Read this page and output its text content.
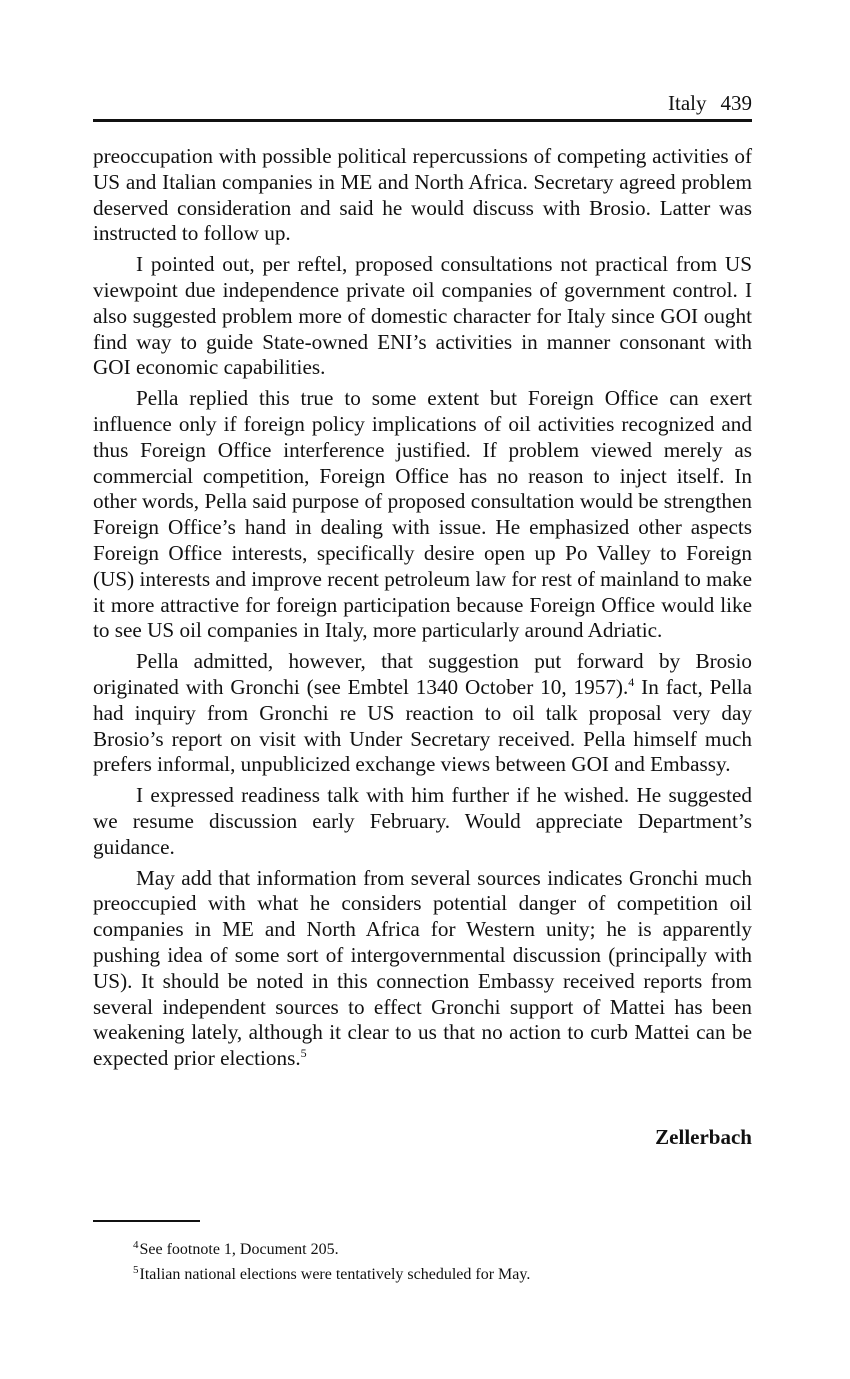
Italy 439

preoccupation with possible political repercussions of competing activities of US and Italian companies in ME and North Africa. Secretary agreed problem deserved consideration and said he would discuss with Brosio. Latter was instructed to follow up.

I pointed out, per reftel, proposed consultations not practical from US viewpoint due independence private oil companies of government control. I also suggested problem more of domestic character for Italy since GOI ought find way to guide State-owned ENI’s activities in manner consonant with GOI economic capabilities.

Pella replied this true to some extent but Foreign Office can exert influence only if foreign policy implications of oil activities recognized and thus Foreign Office interference justified. If problem viewed merely as commercial competition, Foreign Office has no reason to inject itself. In other words, Pella said purpose of proposed consultation would be strengthen Foreign Office’s hand in dealing with issue. He emphasized other aspects Foreign Office interests, specifically desire open up Po Valley to Foreign (US) interests and improve recent petroleum law for rest of mainland to make it more attractive for foreign participation because Foreign Office would like to see US oil companies in Italy, more particularly around Adriatic.

Pella admitted, however, that suggestion put forward by Brosio originated with Gronchi (see Embtel 1340 October 10, 1957).$^4$ In fact, Pella had inquiry from Gronchi re US reaction to oil talk proposal very day Brosio’s report on visit with Under Secretary received. Pella himself much prefers informal, unpublicized exchange views between GOI and Embassy.

I expressed readiness talk with him further if he wished. He suggested we resume discussion early February. Would appreciate Department’s guidance.

May add that information from several sources indicates Gronchi much preoccupied with what he considers potential danger of competition oil companies in ME and North Africa for Western unity; he is apparently pushing idea of some sort of intergovernmental discussion (principally with US). It should be noted in this connection Embassy received reports from several independent sources to effect Gronchi support of Mattei has been weakening lately, although it clear to us that no action to curb Mattei can be expected prior elections.$^5$

Zellerbach
$^4$See footnote 1, Document 205.
$^5$Italian national elections were tentatively scheduled for May.
